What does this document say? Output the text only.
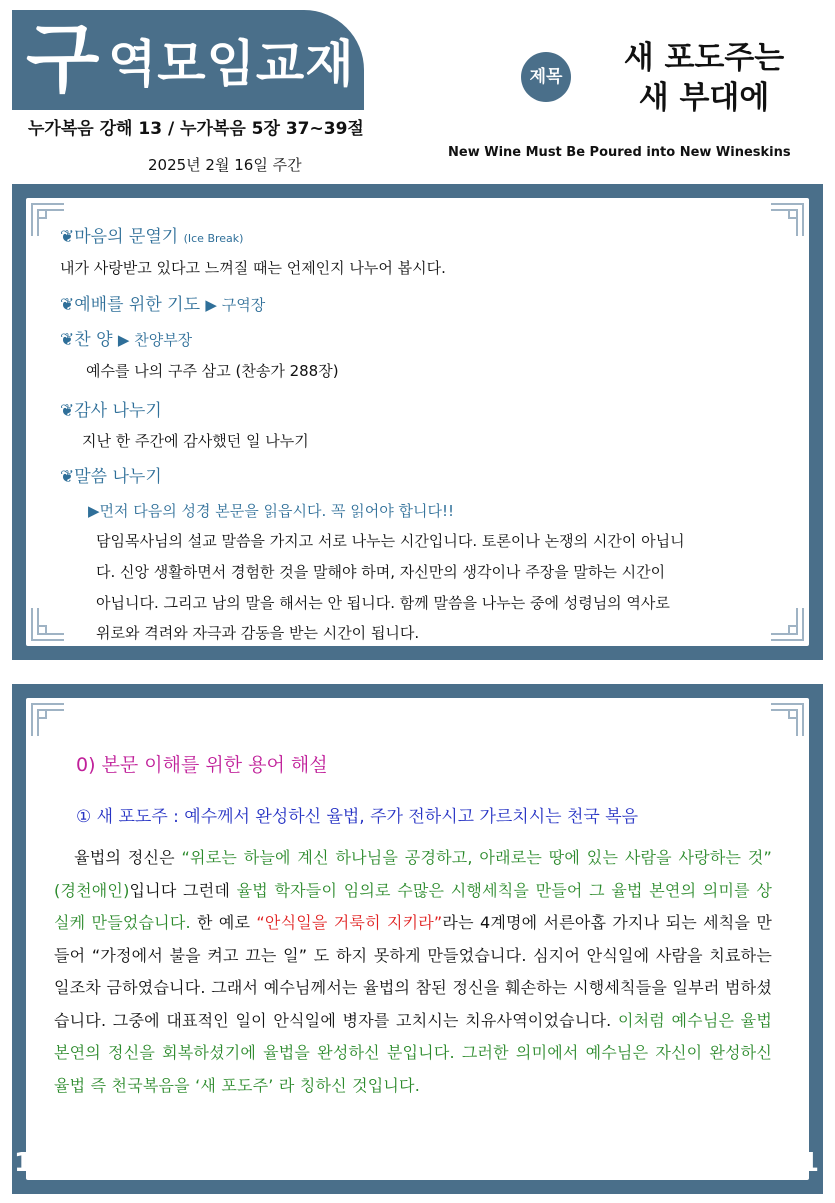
구 역모임교재	제목
새 포도주는
새 부대에
누가복음 강해 13 / 누가복음 5장 37~39절
2025년 2월 16일 주간
New Wine Must Be Poured into New Wineskins
❦마음의 문열기 (Ice Break)
내가 사랑받고 있다고 느껴질 때는 언제인지 나누어 봅시다.
❦예배를 위한 기도 ▶ 구역장
❦찬 양 ▶ 찬양부장
예수를 나의 구주 삼고 (찬송가 288장)
❦감사 나누기
지난 한 주간에 감사했던 일 나누기
❦말씀 나누기
▶먼저 다음의 성경 본문을 읽읍시다. 꼭 읽어야 합니다!!
담임목사님의 설교 말씀을 가지고 서로 나누는 시간입니다. 토론이나 논쟁의 시간이 아닙니
다. 신앙 생활하면서 경험한 것을 말해야 하며, 자신만의 생각이나 주장을 말하는 시간이
아닙니다. 그리고 남의 말을 해서는 안 됩니다. 함께 말씀을 나누는 중에 성령님의 역사로
위로와 격려와 자극과 감동을 받는 시간이 됩니다.
1	1
0) 본문 이해를 위한 용어 해설
① 새 포도주 : 예수께서 완성하신 율법, 주가 전하시고 가르치시는 천국 복음
율법의 정신은 “위로는 하늘에 계신 하나님을 공경하고, 아래로는 땅에 있는 사람을 사랑하는 것” (경천애인)입니다 그런데 율법 학자들이 임의로 수많은 시행세칙을 만들어 그 율법 본연의 의미를 상실케 만들었습니다. 한 예로 “안식일을 거룩히 지키라”라는 4계명에 서른아홉 가지나 되는 세칙을 만들어 “가정에서 불을 켜고 끄는 일” 도 하지 못하게 만들었습니다. 심지어 안식일에 사람을 치료하는 일조차 금하였습니다. 그래서 예수님께서는 율법의 참된 정신을 훼손하는 시행세칙들을 일부러 범하셨습니다. 그중에 대표적인 일이 안식일에 병자를 고치시는 치유사역이었습니다. 이처럼 예수님은 율법 본연의 정신을 회복하셨기에 율법을 완성하신 분입니다. 그러한 의미에서 예수님은 자신이 완성하신 율법 즉 천국복음을 ‘새 포도주’ 라 칭하신 것입니다.
